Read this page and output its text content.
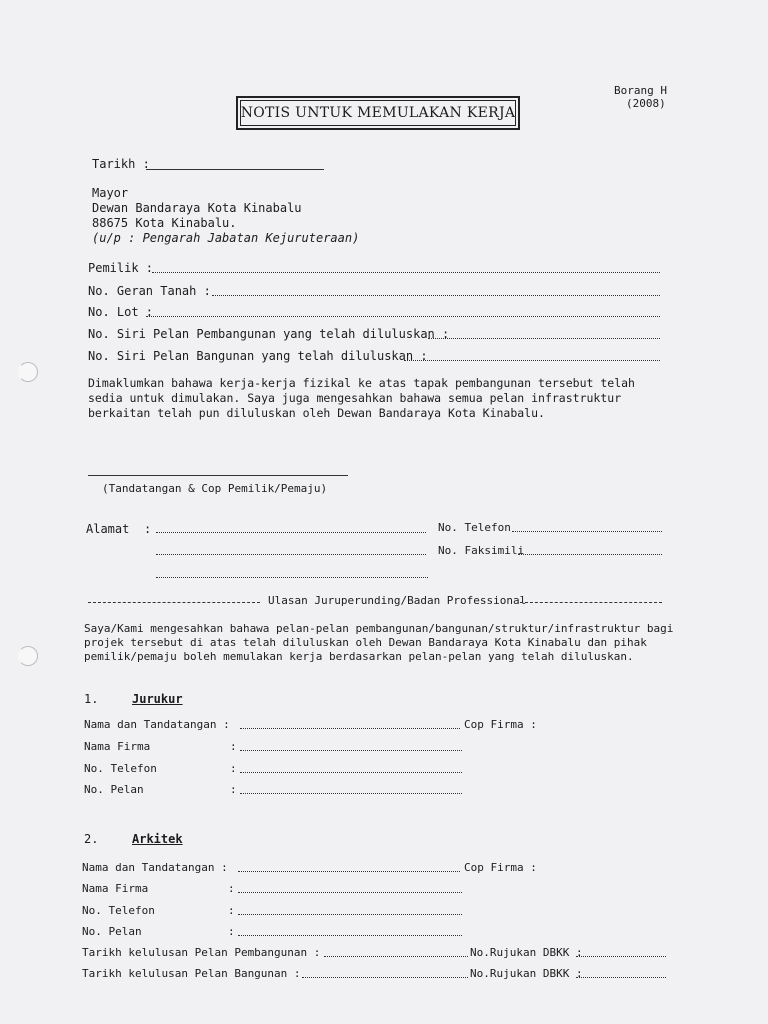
Borang H
(2008)
NOTIS UNTUK MEMULAKAN KERJA
Tarikh :
Mayor
Dewan Bandaraya Kota Kinabalu
88675 Kota Kinabalu.
(u/p : Pengarah Jabatan Kejuruteraan)
Pemilik :
No. Geran Tanah :
No. Lot :
No. Siri Pelan Pembangunan yang telah diluluskan :
No. Siri Pelan Bangunan yang telah diluluskan :
Dimaklumkan bahawa kerja-kerja fizikal ke atas tapak pembangunan tersebut telah sedia untuk dimulakan. Saya juga mengesahkan bahawa semua pelan infrastruktur berkaitan telah pun diluluskan oleh Dewan Bandaraya Kota Kinabalu.
(Tandatangan & Cop Pemilik/Pemaju)
Alamat :	No. Telefon
No. Faksimili
Ulasan Juruperunding/Badan Professional
Saya/Kami mengesahkan bahawa pelan-pelan pembangunan/bangunan/struktur/infrastruktur bagi projek tersebut di atas telah diluluskan oleh Dewan Bandaraya Kota Kinabalu dan pihak pemilik/pemaju boleh memulakan kerja berdasarkan pelan-pelan yang telah diluluskan.
1.	Jurukur
Nama dan Tandatangan :	Cop Firma :
Nama Firma	:
No. Telefon	:
No. Pelan	:
2.	Arkitek
Nama dan Tandatangan :	Cop Firma :
Nama Firma	:
No. Telefon	:
No. Pelan	:
Tarikh kelulusan Pelan Pembangunan :	No.Rujukan DBKK :
Tarikh kelulusan Pelan Bangunan :	No.Rujukan DBKK :
